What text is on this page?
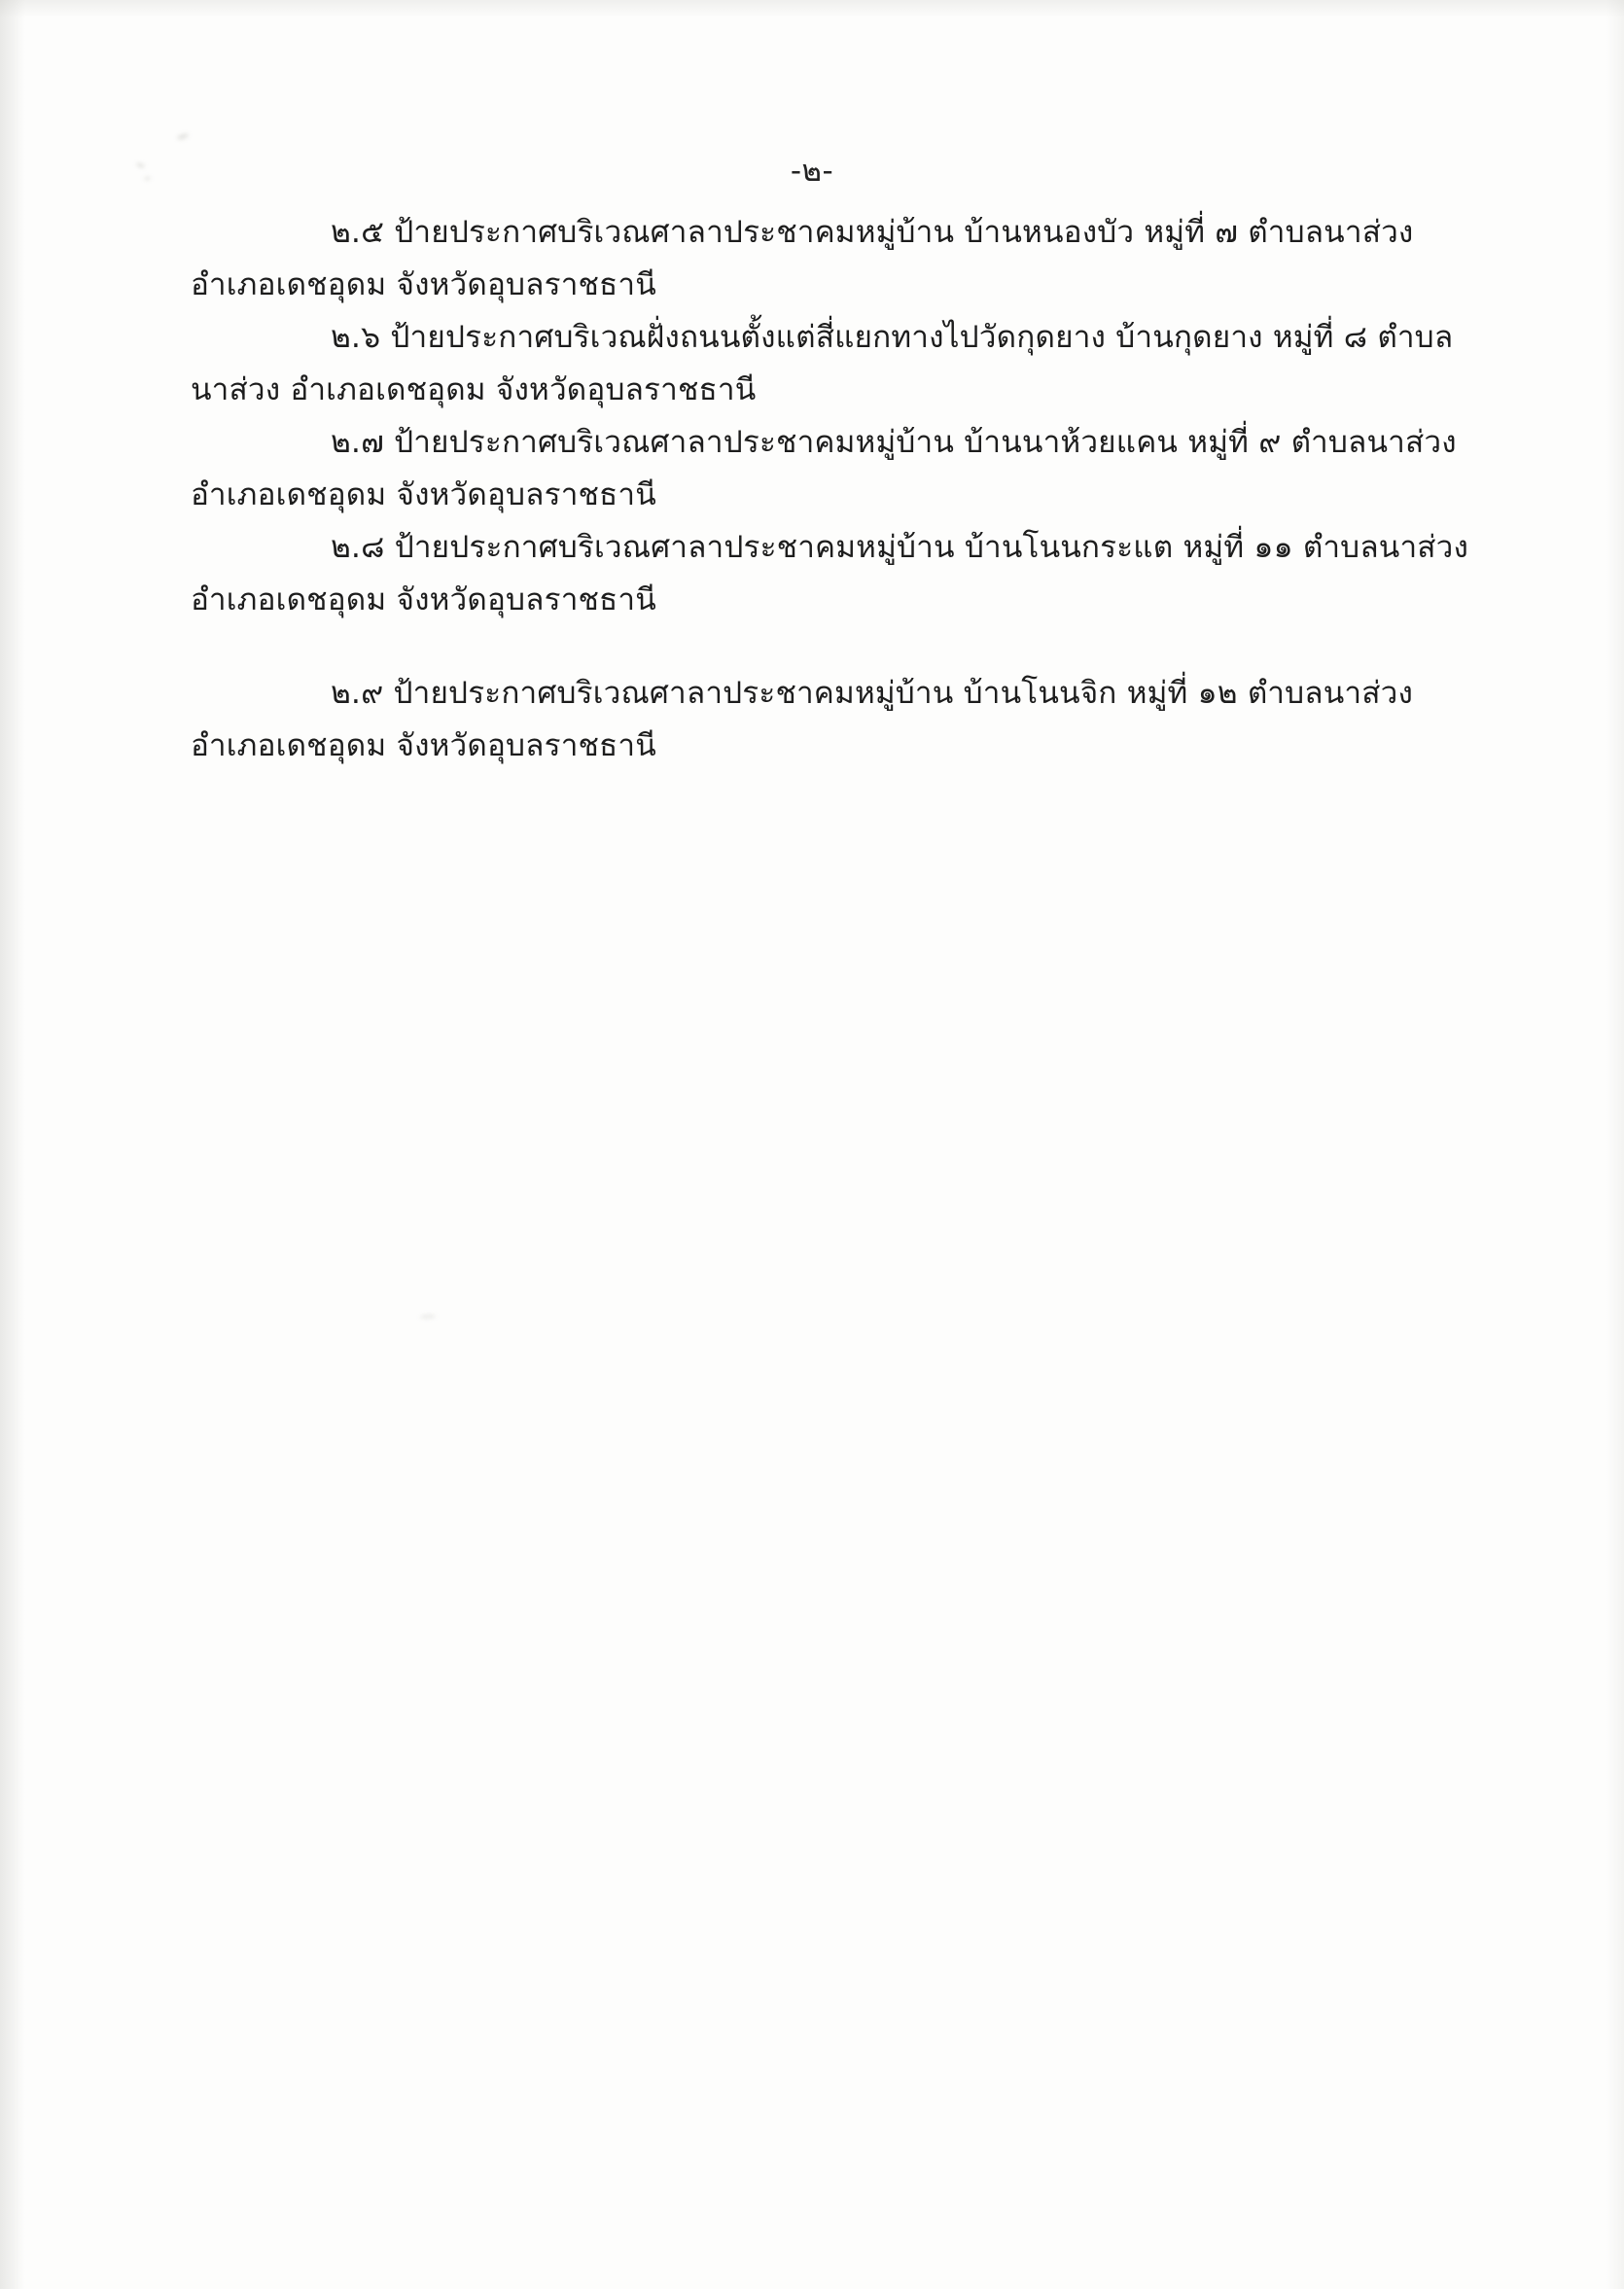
-๒-

๒.๕ ป้ายประกาศบริเวณศาลาประชาคมหมู่บ้าน บ้านหนองบัว หมู่ที่ ๗ ตำบลนาส่วง อำเภอเดชอุดม จังหวัดอุบลราชธานี

๒.๖ ป้ายประกาศบริเวณฝั่งถนนตั้งแต่สี่แยกทางไปวัดกุดยาง บ้านกุดยาง หมู่ที่ ๘ ตำบลนาส่วง อำเภอเดชอุดม จังหวัดอุบลราชธานี

๒.๗ ป้ายประกาศบริเวณศาลาประชาคมหมู่บ้าน บ้านนาห้วยแคน หมู่ที่ ๙ ตำบลนาส่วง อำเภอเดชอุดม จังหวัดอุบลราชธานี

๒.๘ ป้ายประกาศบริเวณศาลาประชาคมหมู่บ้าน บ้านโนนกระแต หมู่ที่ ๑๑ ตำบลนาส่วง อำเภอเดชอุดม จังหวัดอุบลราชธานี

๒.๙ ป้ายประกาศบริเวณศาลาประชาคมหมู่บ้าน บ้านโนนจิก หมู่ที่ ๑๒ ตำบลนาส่วง อำเภอเดชอุดม จังหวัดอุบลราชธานี
